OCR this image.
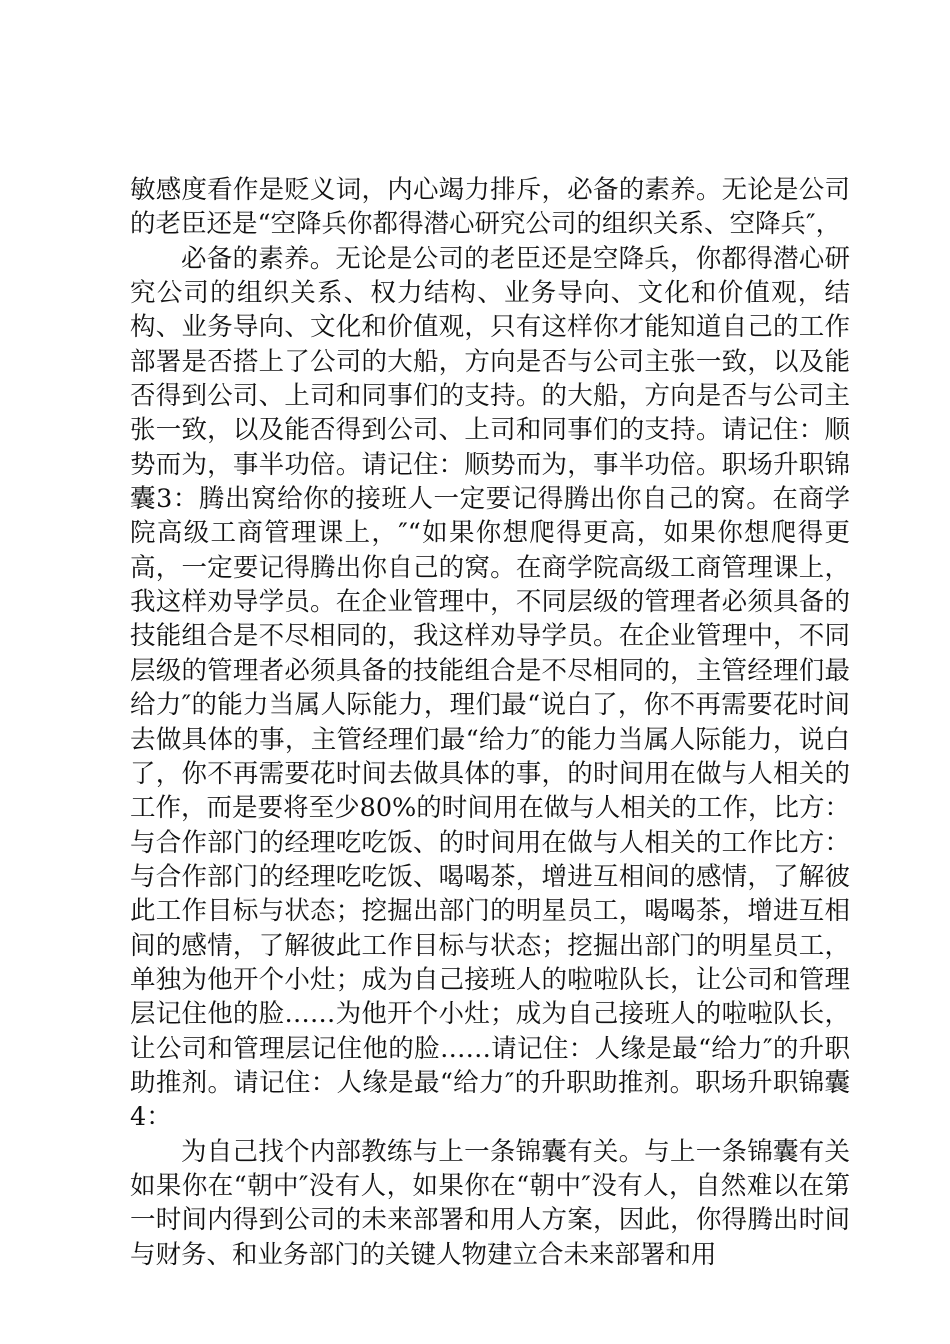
敏感度看作是贬义词，内心竭力排斥，必备的素养。无论是公司的老臣还是“空降兵你都得潜心研究公司的组织关系、空降兵″，

必备的素养。无论是公司的老臣还是空降兵，你都得潜心研究公司的组织关系、权力结构、业务导向、文化和价值观，结构、业务导向、文化和价值观，只有这样你才能知道自己的工作部署是否搭上了公司的大船，方向是否与公司主张一致，以及能否得到公司、上司和同事们的支持。的大船，方向是否与公司主张一致，以及能否得到公司、上司和同事们的支持。请记住：顺势而为，事半功倍。请记住：顺势而为，事半功倍。职场升职锦囊3：腾出窝给你的接班人一定要记得腾出你自己的窝。在商学院高级工商管理课上，″“如果你想爬得更高，如果你想爬得更高，一定要记得腾出你自己的窝。在商学院高级工商管理课上，我这样劝导学员。在企业管理中，不同层级的管理者必须具备的技能组合是不尽相同的，我这样劝导学员。在企业管理中，不同层级的管理者必须具备的技能组合是不尽相同的，主管经理们最给力″的能力当属人际能力，理们最“说白了，你不再需要花时间去做具体的事，主管经理们最“给力″的能力当属人际能力，说白了，你不再需要花时间去做具体的事，的时间用在做与人相关的工作，而是要将至少80%的时间用在做与人相关的工作，比方：与合作部门的经理吃吃饭、的时间用在做与人相关的工作比方：与合作部门的经理吃吃饭、喝喝茶，增进互相间的感情，了解彼此工作目标与状态；挖掘出部门的明星员工，喝喝茶，增进互相间的感情，了解彼此工作目标与状态；挖掘出部门的明星员工，单独为他开个小灶；成为自己接班人的啦啦队长，让公司和管理层记住他的脸……为他开个小灶；成为自己接班人的啦啦队长，让公司和管理层记住他的脸……请记住：人缘是最“给力″的升职助推剂。请记住：人缘是最“给力″的升职助推剂。职场升职锦囊4：

为自己找个内部教练与上一条锦囊有关。与上一条锦囊有关如果你在“朝中″没有人，如果你在“朝中″没有人，自然难以在第一时间内得到公司的未来部署和用人方案，因此，你得腾出时间与财务、和业务部门的关键人物建立合未来部署和用
